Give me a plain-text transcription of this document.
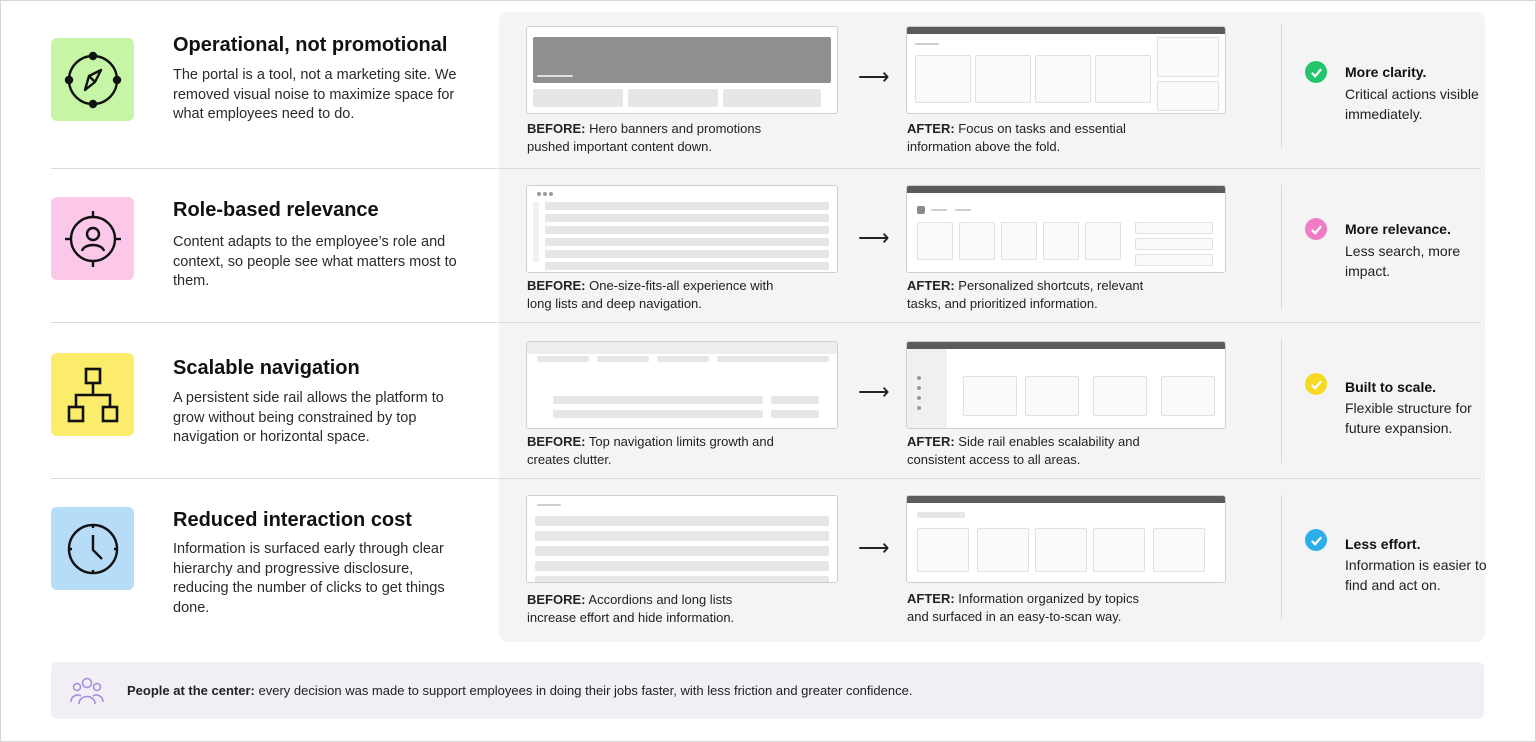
Operational, not promotional
The portal is a tool, not a marketing site. We removed visual noise to maximize space for what employees need to do.
⟶
BEFORE: Hero banners and promotions pushed important content down.
AFTER: Focus on tasks and essential information above the fold.
More clarity.
Critical actions visible immediately.
Role-based relevance
Content adapts to the employee’s role and context, so people see what matters most to them.
⟶
BEFORE: One-size-fits-all experience with long lists and deep navigation.
AFTER: Personalized shortcuts, relevant tasks, and prioritized information.
More relevance.
Less search, more impact.
Scalable navigation
A persistent side rail allows the platform to grow without being constrained by top navigation or horizontal space.
⟶
BEFORE: Top navigation limits growth and creates clutter.
AFTER: Side rail enables scalability and consistent access to all areas.
Built to scale.
Flexible structure for future expansion.
Reduced interaction cost
Information is surfaced early through clear hierarchy and progressive disclosure, reducing the number of clicks to get things done.
⟶
BEFORE: Accordions and long lists increase effort and hide information.
AFTER: Information organized by topics and surfaced in an easy-to-scan way.
Less effort.
Information is easier to find and act on.
People at the center: every decision was made to support employees in doing their jobs faster, with less friction and greater confidence.
